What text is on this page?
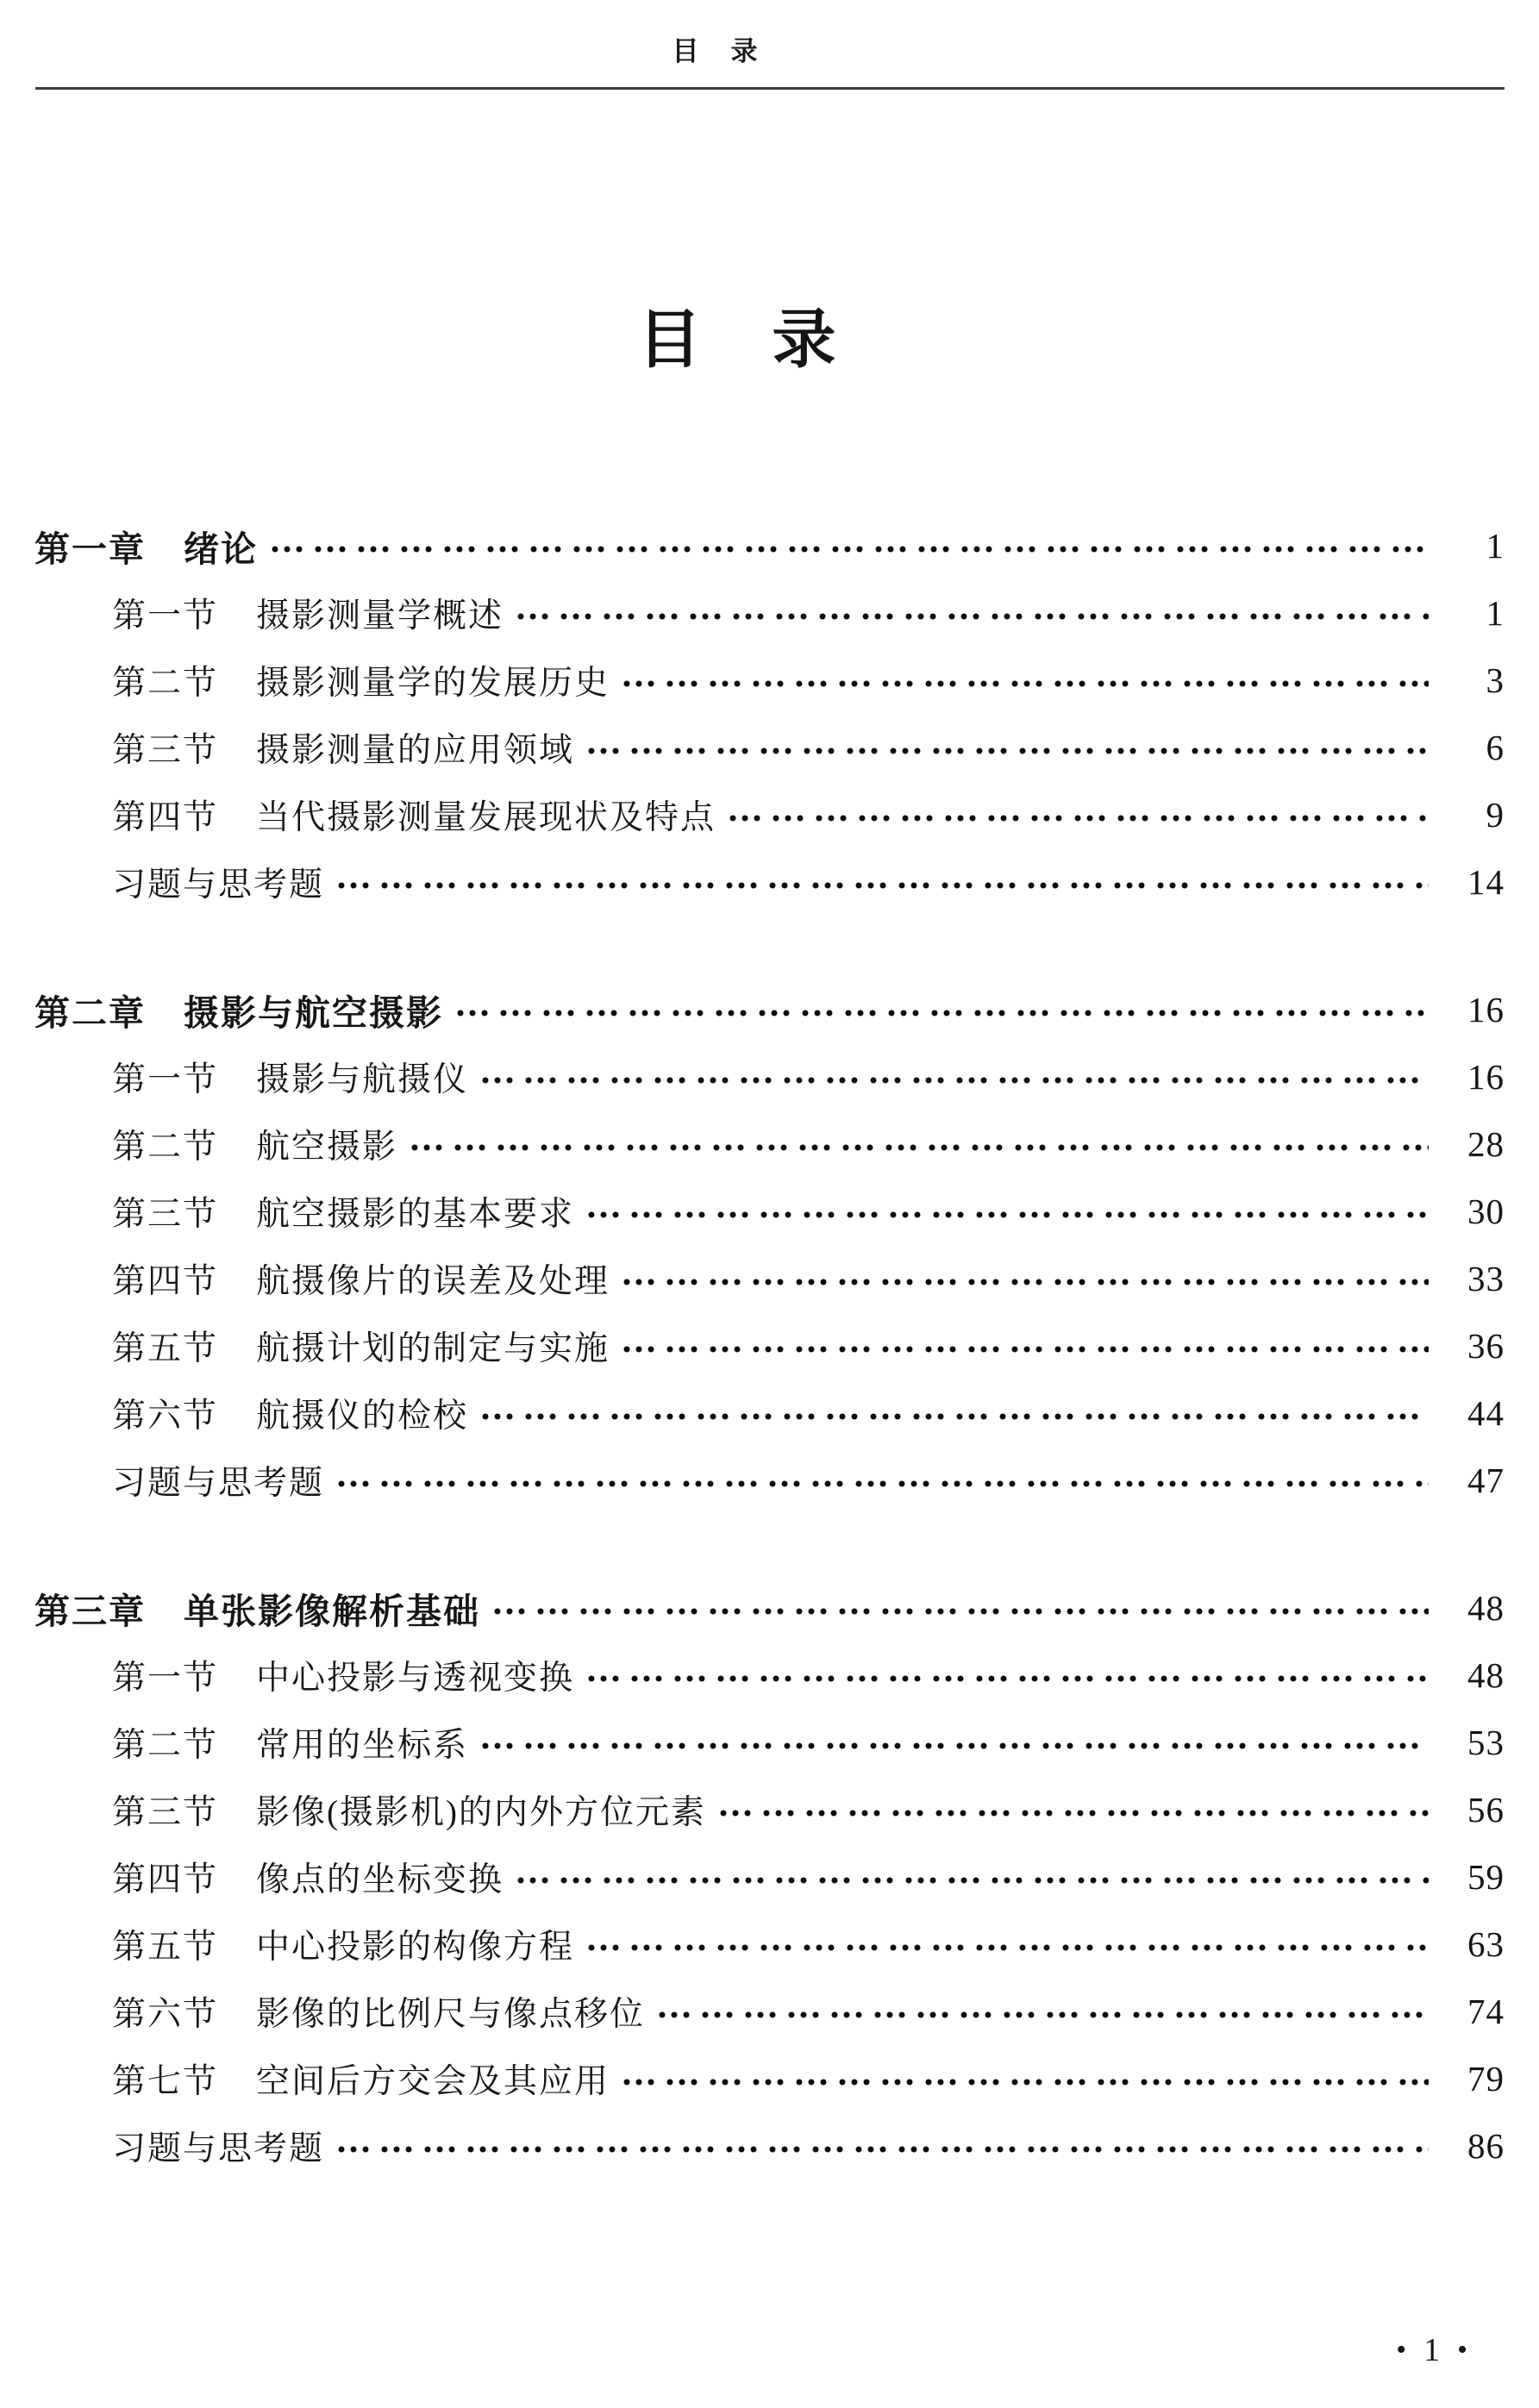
目　录
目　录
第一章 绪论	1
第一节 摄影测量学概述	1
第二节 摄影测量学的发展历史	3
第三节 摄影测量的应用领域	6
第四节 当代摄影测量发展现状及特点	9
习题与思考题	14
第二章 摄影与航空摄影	16
第一节 摄影与航摄仪	16
第二节 航空摄影	28
第三节 航空摄影的基本要求	30
第四节 航摄像片的误差及处理	33
第五节 航摄计划的制定与实施	36
第六节 航摄仪的检校	44
习题与思考题	47
第三章 单张影像解析基础	48
第一节 中心投影与透视变换	48
第二节 常用的坐标系	53
第三节 影像(摄影机)的内外方位元素	56
第四节 像点的坐标变换	59
第五节 中心投影的构像方程	63
第六节 影像的比例尺与像点移位	74
第七节 空间后方交会及其应用	79
习题与思考题	86
• 1 •
